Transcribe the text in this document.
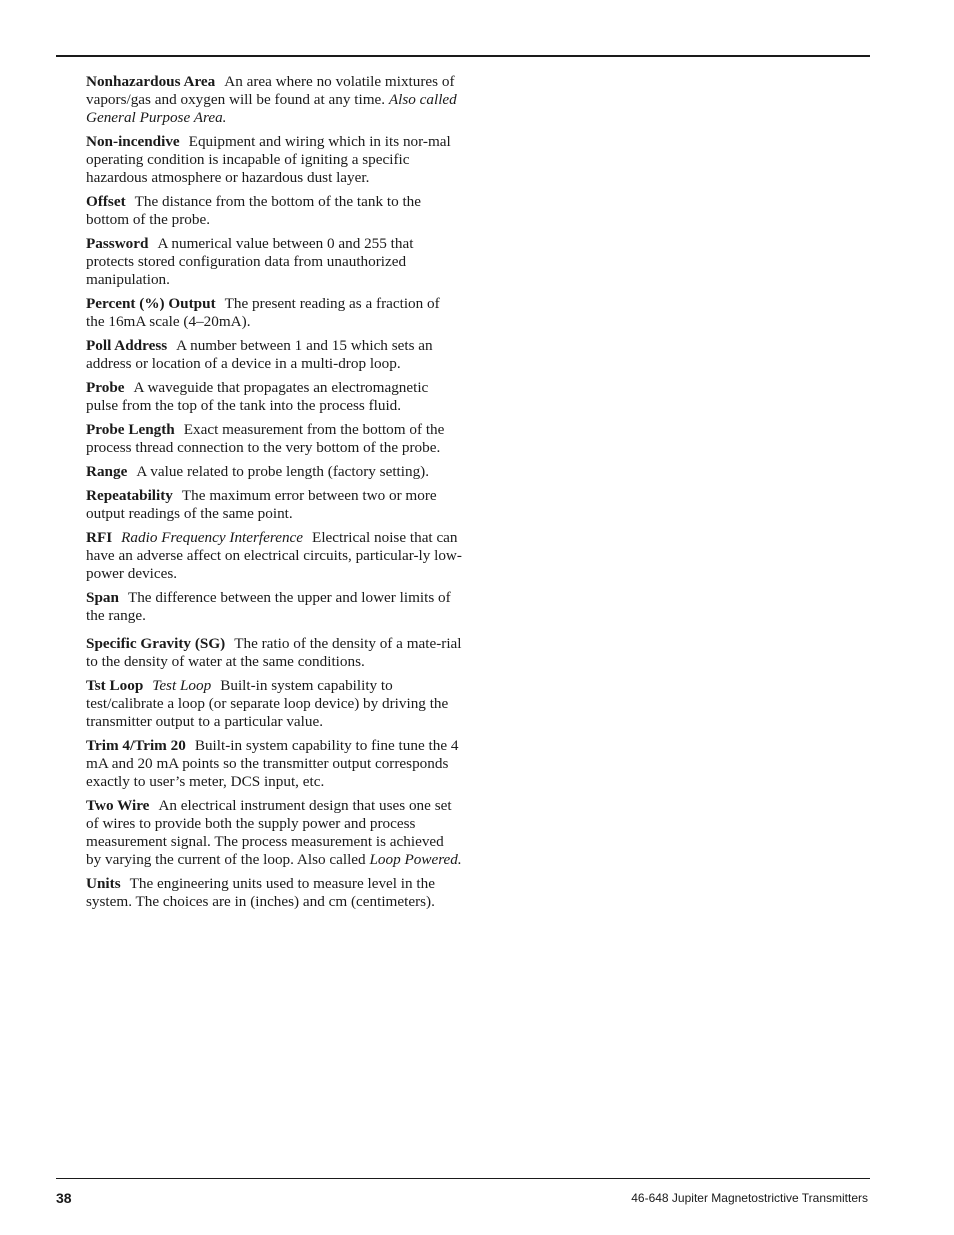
Nonhazardous Area An area where no volatile mixtures of vapors/gas and oxygen will be found at any time. Also called General Purpose Area.

Non-incendive Equipment and wiring which in its nor-mal operating condition is incapable of igniting a specific hazardous atmosphere or hazardous dust layer.

Offset The distance from the bottom of the tank to the bottom of the probe.

Password A numerical value between 0 and 255 that protects stored configuration data from unauthorized manipulation.

Percent (%) Output The present reading as a fraction of the 16mA scale (4–20mA).

Poll Address A number between 1 and 15 which sets an address or location of a device in a multi-drop loop.

Probe A waveguide that propagates an electromagnetic pulse from the top of the tank into the process fluid.

Probe Length Exact measurement from the bottom of the process thread connection to the very bottom of the probe.

Range A value related to probe length (factory setting).

Repeatability The maximum error between two or more output readings of the same point.

RFI Radio Frequency Interference Electrical noise that can have an adverse affect on electrical circuits, particular-ly low-power devices.

Span The difference between the upper and lower limits of the range.

Specific Gravity (SG) The ratio of the density of a mate-rial to the density of water at the same conditions.

Tst Loop Test Loop Built-in system capability to test/calibrate a loop (or separate loop device) by driving the transmitter output to a particular value.

Trim 4/Trim 20 Built-in system capability to fine tune the 4 mA and 20 mA points so the transmitter output corresponds exactly to user’s meter, DCS input, etc.

Two Wire An electrical instrument design that uses one set of wires to provide both the supply power and process measurement signal. The process measurement is achieved by varying the current of the loop. Also called Loop Powered.

Units The engineering units used to measure level in the system. The choices are in (inches) and cm (centimeters).

38	46-648 Jupiter Magnetostrictive Transmitters
